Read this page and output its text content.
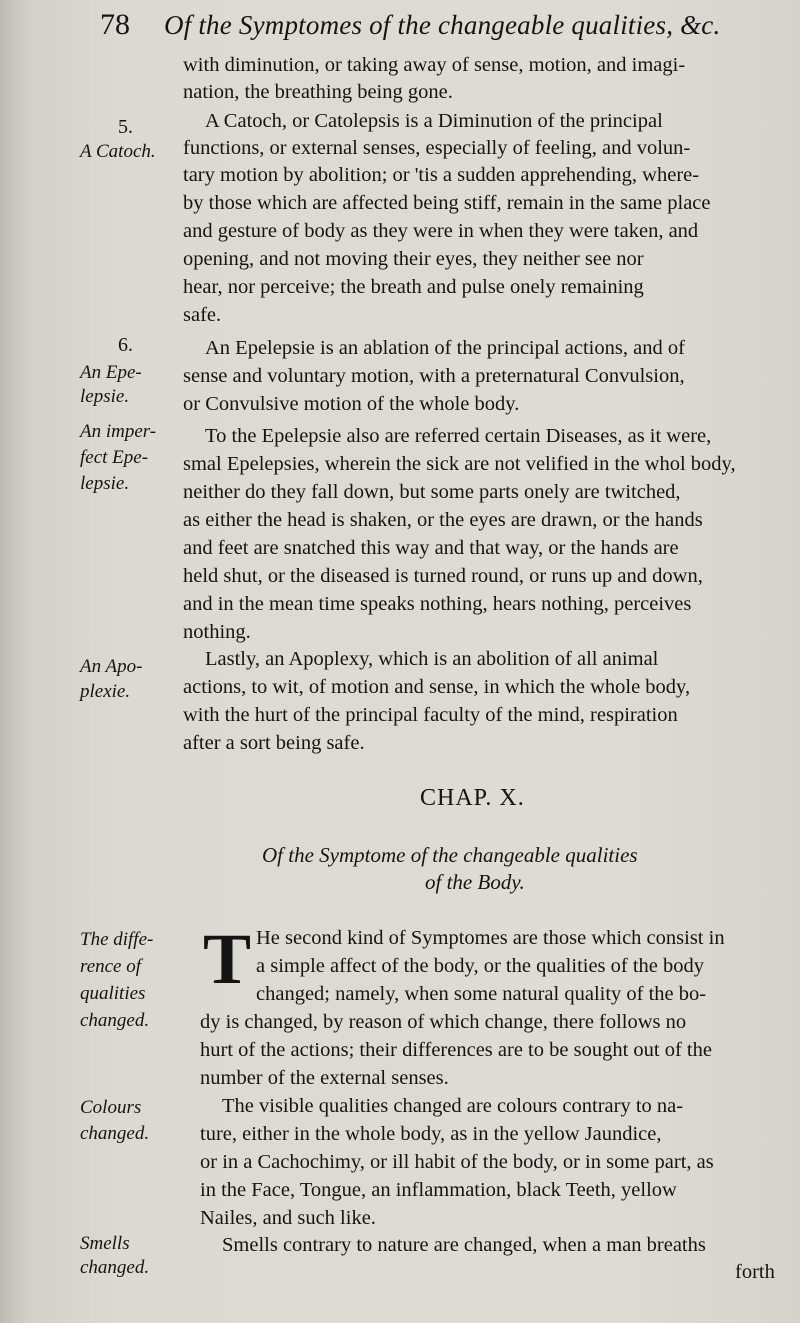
78 Of the Symptomes of the changeable qualities, &c.
with diminution, or taking away of sense, motion, and imagi-
nation, the breathing being gone.
A Catoch, or Catolepsis is a Diminution of the principal
functions, or external senses, especially of feeling, and volun-
tary motion by abolition; or 'tis a sudden apprehending, where-
by those which are affected being stiff, remain in the same place
and gesture of body as they were in when they were taken, and
opening, and not moving their eyes, they neither see nor
hear, nor perceive; the breath and pulse onely remaining
safe.
An Epelepsie is an ablation of the principal actions, and of
sense and voluntary motion, with a preternatural Convulsion,
or Convulsive motion of the whole body.
To the Epelepsie also are referred certain Diseases, as it were,
smal Epelepsies, wherein the sick are not velified in the whol body,
neither do they fall down, but some parts onely are twitched,
as either the head is shaken, or the eyes are drawn, or the hands
and feet are snatched this way and that way, or the hands are
held shut, or the diseased is turned round, or runs up and down,
and in the mean time speaks nothing, hears nothing, perceives
nothing.
Lastly, an Apoplexy, which is an abolition of all animal
actions, to wit, of motion and sense, in which the whole body,
with the hurt of the principal faculty of the mind, respiration
after a sort being safe.
5.
6.
A Catoch.
An Epe-
lepsie.
An imper-
fect Epe-
lepsie.
An Apo-
plexie.
CHAP. X.
Of the Symptome of the changeable qualities
of the Body.
T He second kind of Symptomes are those which consist in
a simple affect of the body, or the qualities of the body
changed; namely, when some natural quality of the bo-
dy is changed, by reason of which change, there follows no
hurt of the actions; their differences are to be sought out of the
number of the external senses.
The visible qualities changed are colours contrary to na-
ture, either in the whole body, as in the yellow Jaundice,
or in a Cachochimy, or ill habit of the body, or in some part, as
in the Face, Tongue, an inflammation, black Teeth, yellow
Nailes, and such like.
Smells contrary to nature are changed, when a man breaths
forth
The diffe-
rence of
qualities
changed.
Colours
changed.
Smells
changed.
